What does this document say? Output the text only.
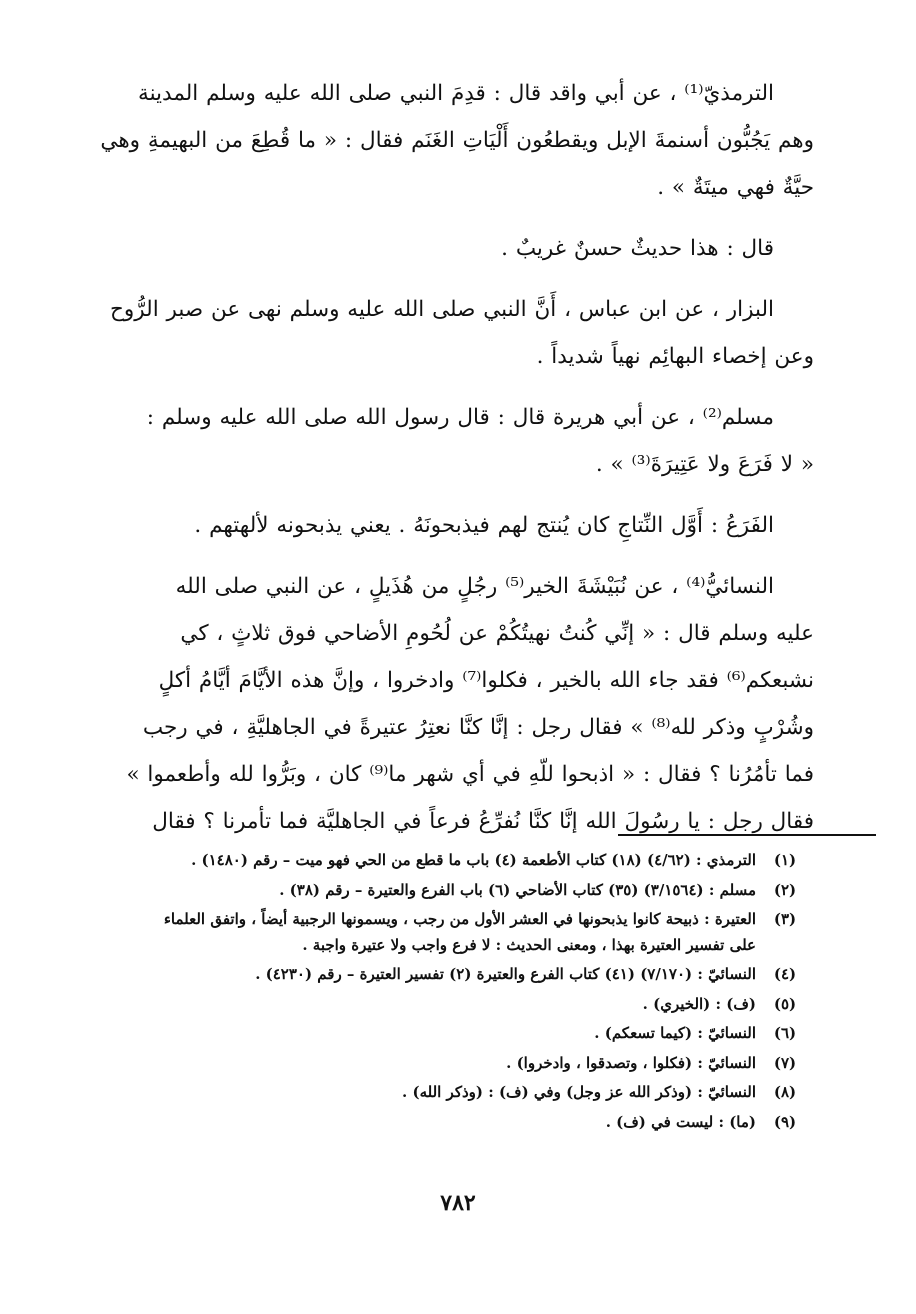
الترمذيّ⁽¹⁾ ، عن أبي واقد قال : قدِمَ النبي صلى الله عليه وسلم المدينة
وهم يَجُبُّون أسنمةَ الإبل ويقطعُون أَلْيَاتِ الغَنَم فقال : « ما قُطِعَ من البهيمةِ وهي
حيَّةٌ فهي ميتَةٌ » .

قال : هذا حديثٌ حسنٌ غريبٌ .

البزار ، عن ابن عباس ، أَنَّ النبي صلى الله عليه وسلم نهى عن صبر الرُّوح
وعن إخصاء البهائِم نهياً شديداً .

مسلم⁽²⁾ ، عن أبي هريرة قال : قال رسول الله صلى الله عليه وسلم :
« لا فَرَعَ ولا عَتِيرَةَ⁽³⁾ » .

الفَرَعُ : أَوَّل النِّتاجِ كان يُنتج لهم فيذبحونَهُ . يعني يذبحونه لألهتهم .

النسائيُّ⁽⁴⁾ ، عن نُبَيْشَةَ الخير⁽⁵⁾ رجُلٍ من هُذَيلٍ ، عن النبي صلى الله
عليه وسلم قال : « إنِّي كُنتُ نهيتُكُمْ عن لُحُومِ الأضاحي فوق ثلاثٍ ، كي
نشبعكم⁽⁶⁾ فقد جاء الله بالخير ، فكلوا⁽⁷⁾ وادخروا ، وإنَّ هذه الأيَّامَ أيَّامُ أكلٍ
وشُرْبٍ وذكر لله⁽⁸⁾ » فقال رجل : إنَّا كنَّا نعتِرُ عتيرةً في الجاهليَّةِ ، في رجب
فما تأمُرُنا ؟ فقال : « اذبحوا للّهِ في أي شهر ما⁽⁹⁾ كان ، وبَرُّوا لله وأطعموا »
فقال رجل : يا رسُولَ الله إنَّا كنَّا نُفرِّعُ فرعاً في الجاهليَّة فما تأمرنا ؟ فقال

(١)
الترمذي : (٤/٦٢) (١٨) كتاب الأطعمة (٤) باب ما قطع من الحي فهو ميت – رقم (١٤٨٠) .
(٢)
مسلم : (٣/١٥٦٤) (٣٥) كتاب الأضاحي (٦) باب الفرع والعتيرة – رقم (٣٨) .
(٣)
العتيرة : ذبيحة كانوا يذبحونها في العشر الأول من رجب ، ويسمونها الرجبية أيضاً ، واتفق العلماء
على تفسير العتيرة بهذا ، ومعنى الحديث : لا فرع واجب ولا عتيرة واجبة .
(٤)
النسائيّ : (٧/١٧٠) (٤١) كتاب الفرع والعتيرة (٢) تفسير العتيرة – رقم (٤٢٣٠) .
(٥)
(ف) : (الخيري) .
(٦)
النسائيّ : (كيما تسعكم) .
(٧)
النسائيّ : (فكلوا ، وتصدقوا ، وادخروا) .
(٨)
النسائيّ : (وذكر الله عز وجل) وفي (ف) : (وذكر الله) .
(٩)
(ما) : ليست في (ف) .
٧٨٢
